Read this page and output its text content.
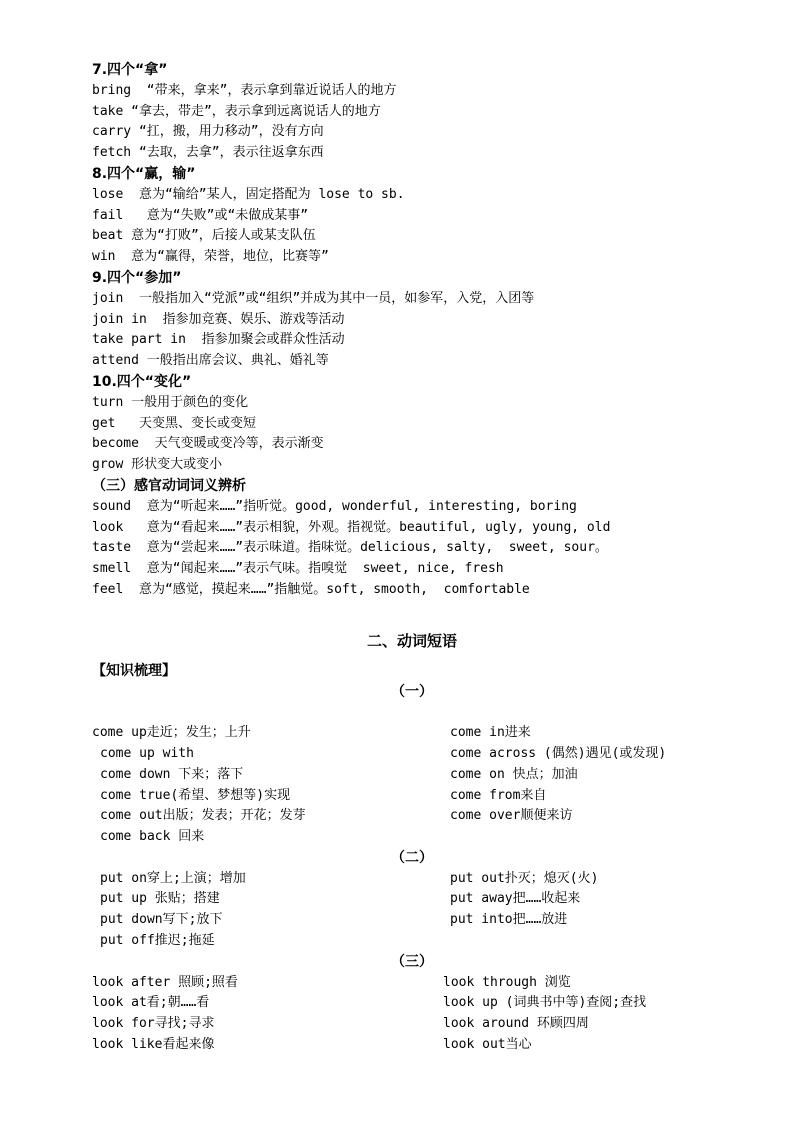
7.四个“拿”
bring  “带来，拿来”，表示拿到靠近说话人的地方
take “拿去，带走”，表示拿到远离说话人的地方
carry “扛，搬，用力移动”，没有方向
fetch “去取，去拿”，表示往返拿东西
8.四个“赢，输”
lose  意为“输给”某人，固定搭配为 lose to sb.
fail   意为“失败”或“未做成某事”
beat 意为“打败”，后接人或某支队伍
win  意为“赢得，荣誉，地位，比赛等”
9.四个“参加”
join  一般指加入“党派”或“组织”并成为其中一员，如参军，入党，入团等
join in  指参加竞赛、娱乐、游戏等活动
take part in  指参加聚会或群众性活动
attend 一般指出席会议、典礼、婚礼等
10.四个“变化”
turn 一般用于颜色的变化
get   天变黑、变长或变短
become  天气变暖或变冷等，表示渐变
grow 形状变大或变小
（三）感官动词词义辨析
sound  意为“听起来……”指听觉。good, wonderful, interesting, boring
look   意为“看起来……”表示相貌，外观。指视觉。beautiful, ugly, young, old
taste  意为“尝起来……”表示味道。指味觉。delicious, salty,  sweet, sour。
smell  意为“闻起来……”表示气味。指嗅觉  sweet, nice, fresh
feel  意为“感觉，摸起来……”指触觉。soft, smooth,  comfortable
二、动词短语
【知识梳理】
（一）
come up走近；发生；上升
come up with
come down 下来；落下
come true(希望、梦想等)实现
come out出版；发表；开花；发芽
come back 回来
come in进来
come across (偶然)遇见(或发现)
come on 快点；加油
come from来自
come over顺便来访
（二）
put on穿上;上演；增加
put up 张贴；搭建
put down写下;放下
put off推迟;拖延
put out扑灭；熄灭(火)
put away把……收起来
put into把……放进
（三）
look after 照顾;照看
look at看;朝……看
look for寻找;寻求
look like看起来像
look through 浏览
look up (词典书中等)查阅;查找
look around 环顾四周
look out当心
